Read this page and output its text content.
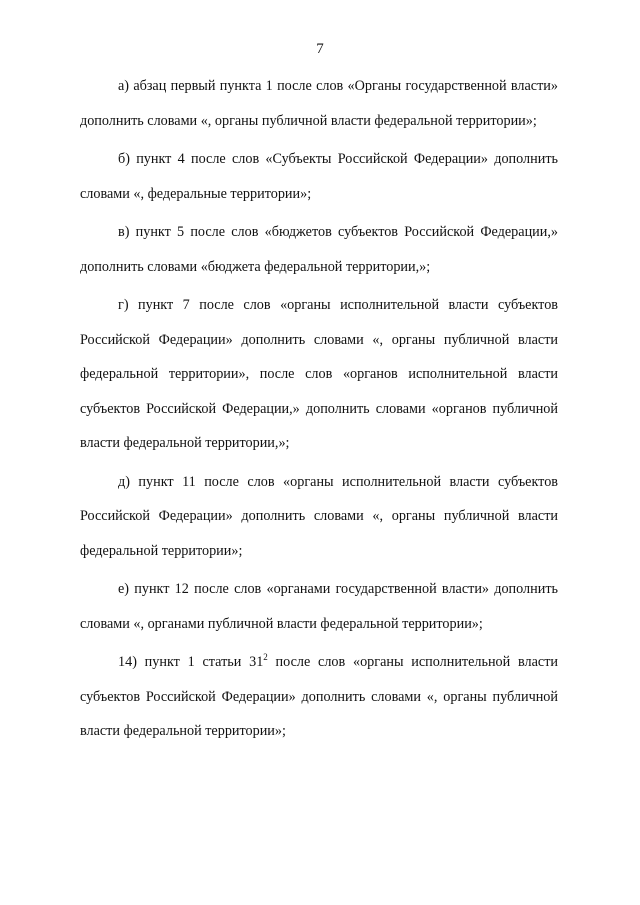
7

а) абзац первый пункта 1 после слов «Органы государственной власти» дополнить словами «, органы публичной власти федеральной территории»;

б) пункт 4 после слов «Субъекты Российской Федерации» дополнить словами «, федеральные территории»;

в) пункт 5 после слов «бюджетов субъектов Российской Федерации,» дополнить словами «бюджета федеральной территории,»;

г) пункт 7 после слов «органы исполнительной власти субъектов Российской Федерации» дополнить словами «, органы публичной власти федеральной территории», после слов «органов исполнительной власти субъектов Российской Федерации,» дополнить словами «органов публичной власти федеральной территории,»;

д) пункт 11 после слов «органы исполнительной власти субъектов Российской Федерации» дополнить словами «, органы публичной власти федеральной территории»;

е) пункт 12 после слов «органами государственной власти» дополнить словами «, органами публичной власти федеральной территории»;

14) пункт 1 статьи $31^2$ после слов «органы исполнительной власти субъектов Российской Федерации» дополнить словами «, органы публичной власти федеральной территории»;
